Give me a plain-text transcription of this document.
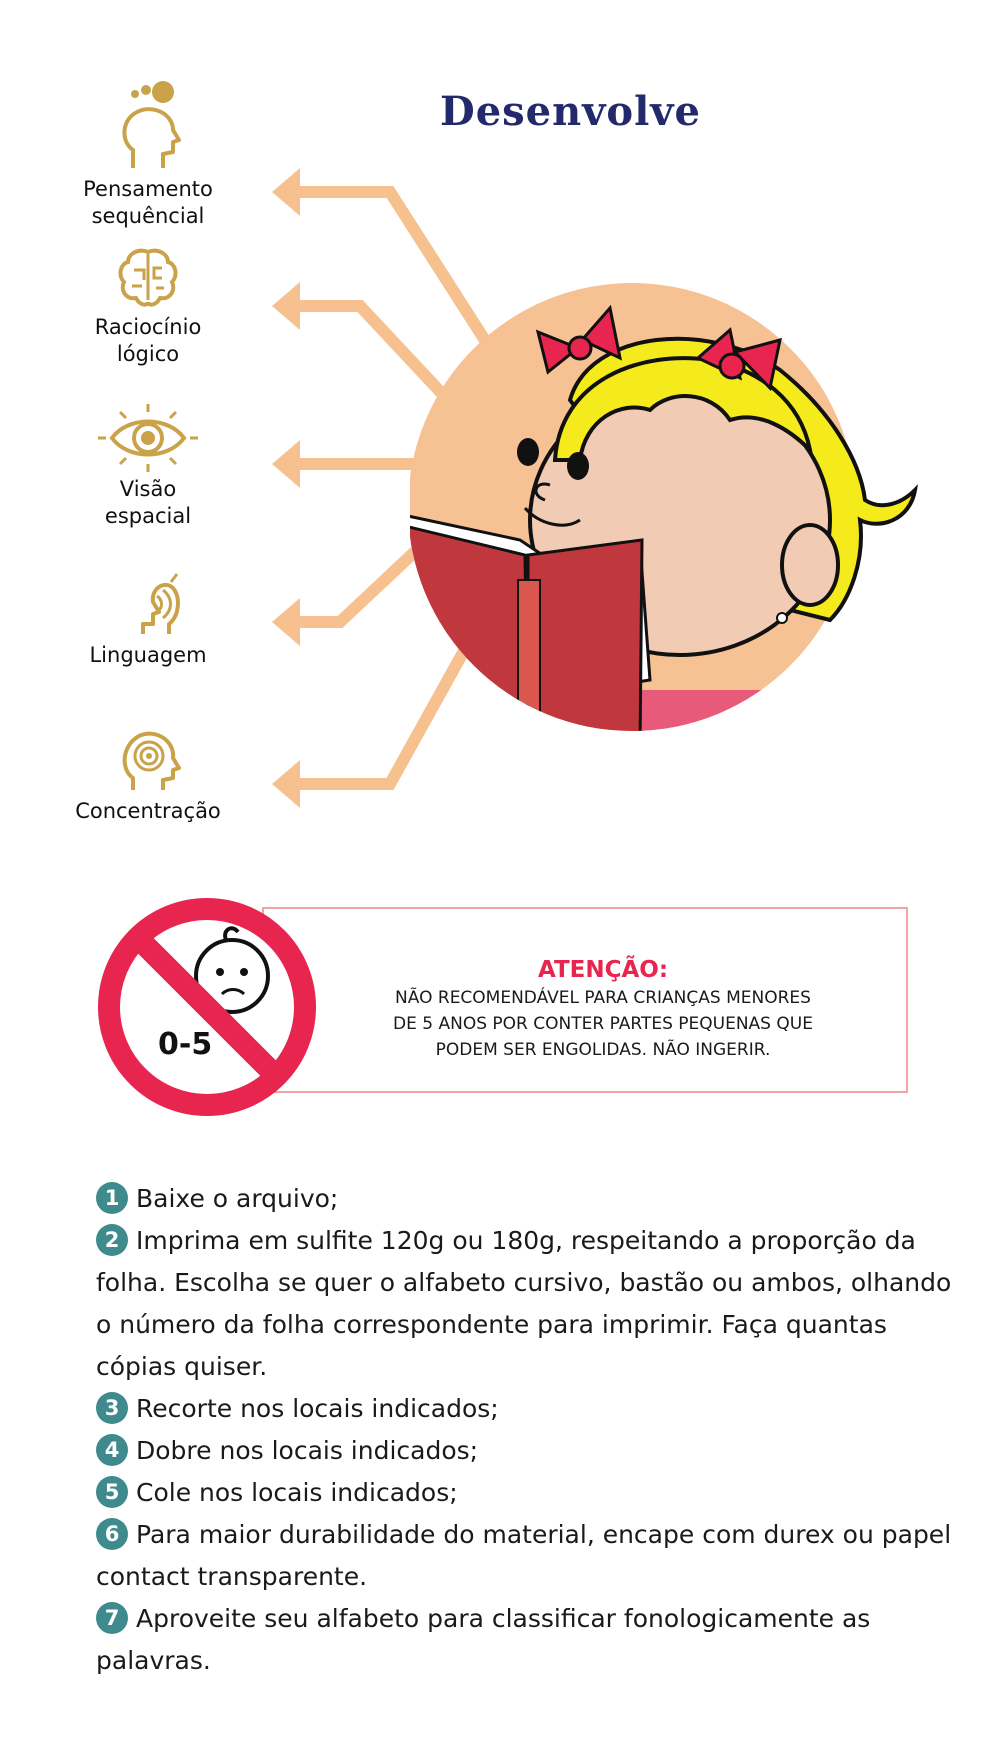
Desenvolve
Pensamento
sequêncial
Raciocínio
lógico
Visão
espacial
Linguagem
Concentração
0-5
ATENÇÃO:
NÃO RECOMENDÁVEL PARA CRIANÇAS MENORES
DE 5 ANOS POR CONTER PARTES PEQUENAS QUE
PODEM SER ENGOLIDAS. NÃO INGERIR.

1 Baixe o arquivo;

2 Imprima em sulfite 120g ou 180g, respeitando a proporção da folha. Escolha se quer o alfabeto cursivo, bastão ou ambos, olhando o número da folha correspondente para imprimir. Faça quantas cópias quiser.

3 Recorte nos locais indicados;

4 Dobre nos locais indicados;

5 Cole nos locais indicados;

6 Para maior durabilidade do material, encape com durex ou papel contact transparente.

7 Aproveite seu alfabeto para classificar fonologicamente as palavras.
